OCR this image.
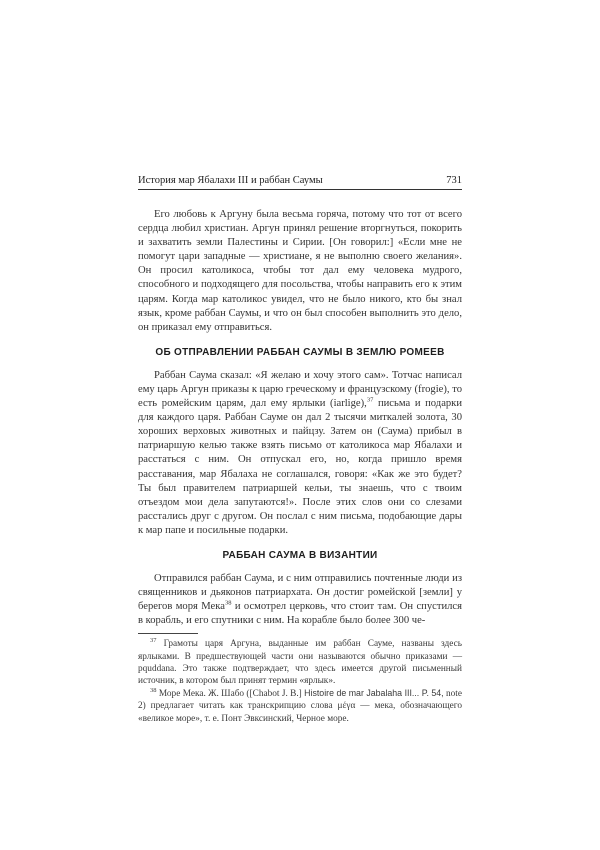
История мар Ябалахи III и раббан Саумы	731

Его любовь к Аргуну была весьма горяча, потому что тот от всего сердца любил христиан. Аргун принял решение вторгнуться, покорить и захватить земли Палестины и Сирии. [Он говорил:] «Если мне не помогут цари западные — христиане, я не выполню своего желания». Он просил католикоса, чтобы тот дал ему человека мудрого, способного и подходящего для посольства, чтобы направить его к этим царям. Когда мар католикос увидел, что не было никого, кто бы знал язык, кроме раббан Саумы, и что он был способен выполнить это дело, он приказал ему отправиться.

ОБ ОТПРАВЛЕНИИ РАББАН САУМЫ В ЗЕМЛЮ РОМЕЕВ

Раббан Саума сказал: «Я желаю и хочу этого сам». Тотчас написал ему царь Аргун приказы к царю греческому и французскому (frogie), то есть ромейским царям, дал ему ярлыки (iarlige),$^{37}$ письма и подарки для каждого царя. Раббан Сауме он дал 2 тысячи миткалей золота, 30 хороших верховых животных и пайцзу. Затем он (Саума) прибыл в патриаршую келью также взять письмо от католикоса мар Ябалахи и расстаться с ним. Он отпускал его, но, когда пришло время расставания, мар Ябалаха не соглашался, говоря: «Как же это будет? Ты был правителем патриаршей кельи, ты знаешь, что с твоим отъездом мои дела запутаются!». После этих слов они со слезами расстались друг с другом. Он послал с ним письма, подобающие дары к мар папе и посильные подарки.

РАББАН САУМА В ВИЗАНТИИ

Отправился раббан Саума, и с ним отправились почтенные люди из священников и дьяконов патриархата. Он достиг ромейской [земли] у берегов моря Мека$^{38}$ и осмотрел церковь, что стоит там. Он спустился в корабль, и его спутники с ним. На корабле было более 300 че-

$^{37}$ Грамоты царя Аргуна, выданные им раббан Сауме, названы здесь ярлыками. В предшествующей части они называются обычно приказами — pquddana. Это также подтверждает, что здесь имеется другой письменный источник, в котором был принят термин «ярлык».

$^{38}$ Море Мека. Ж. Шабо ([Chabot J. B.] Histoire de mar Jabalaha III... P. 54, note 2) предлагает читать как транскрипцию слова μέγα — мека, обозначающего «великое море», т. е. Понт Эвксинский, Черное море.
